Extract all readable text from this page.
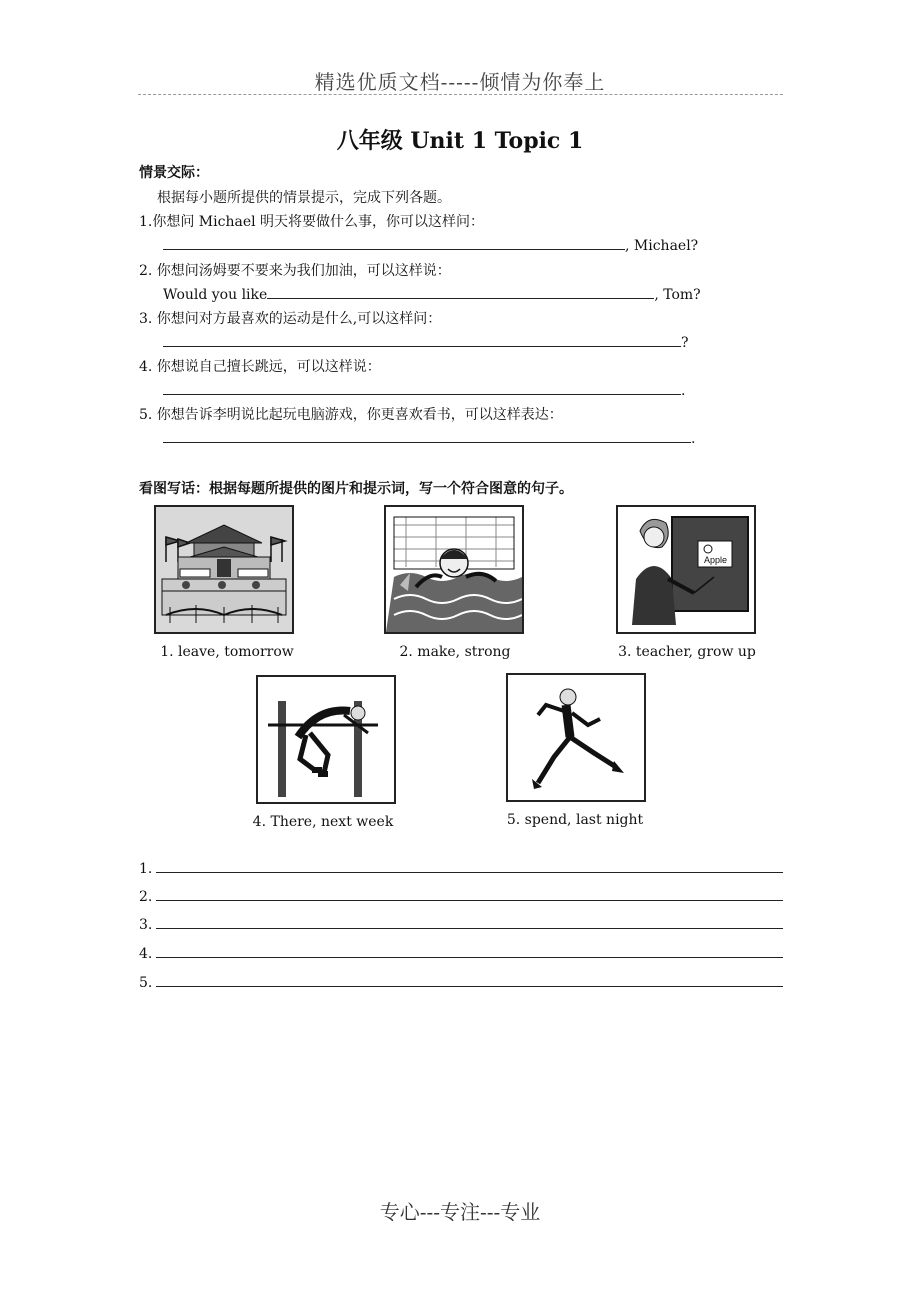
精选优质文档-----倾情为你奉上
八年级 Unit 1 Topic 1
情景交际：
根据每小题所提供的情景提示，完成下列各题。
1.你想问 Michael 明天将要做什么事，你可以这样问：
, Michael?
2. 你想问汤姆要不要来为我们加油，可以这样说：
Would you like	, Tom?
3. 你想问对方最喜欢的运动是什么,可以这样问：
?
4. 你想说自己擅长跳远，可以这样说：
.
5. 你想告诉李明说比起玩电脑游戏，你更喜欢看书，可以这样表达：
.
看图写话：根据每题所提供的图片和提示词，写一个符合图意的句子。
1. leave, tomorrow	2. make, strong
Apple
3. teacher, grow up
4. There, next week	5. spend, last night
1.
2.
3.
4.
5.
专心---专注---专业
